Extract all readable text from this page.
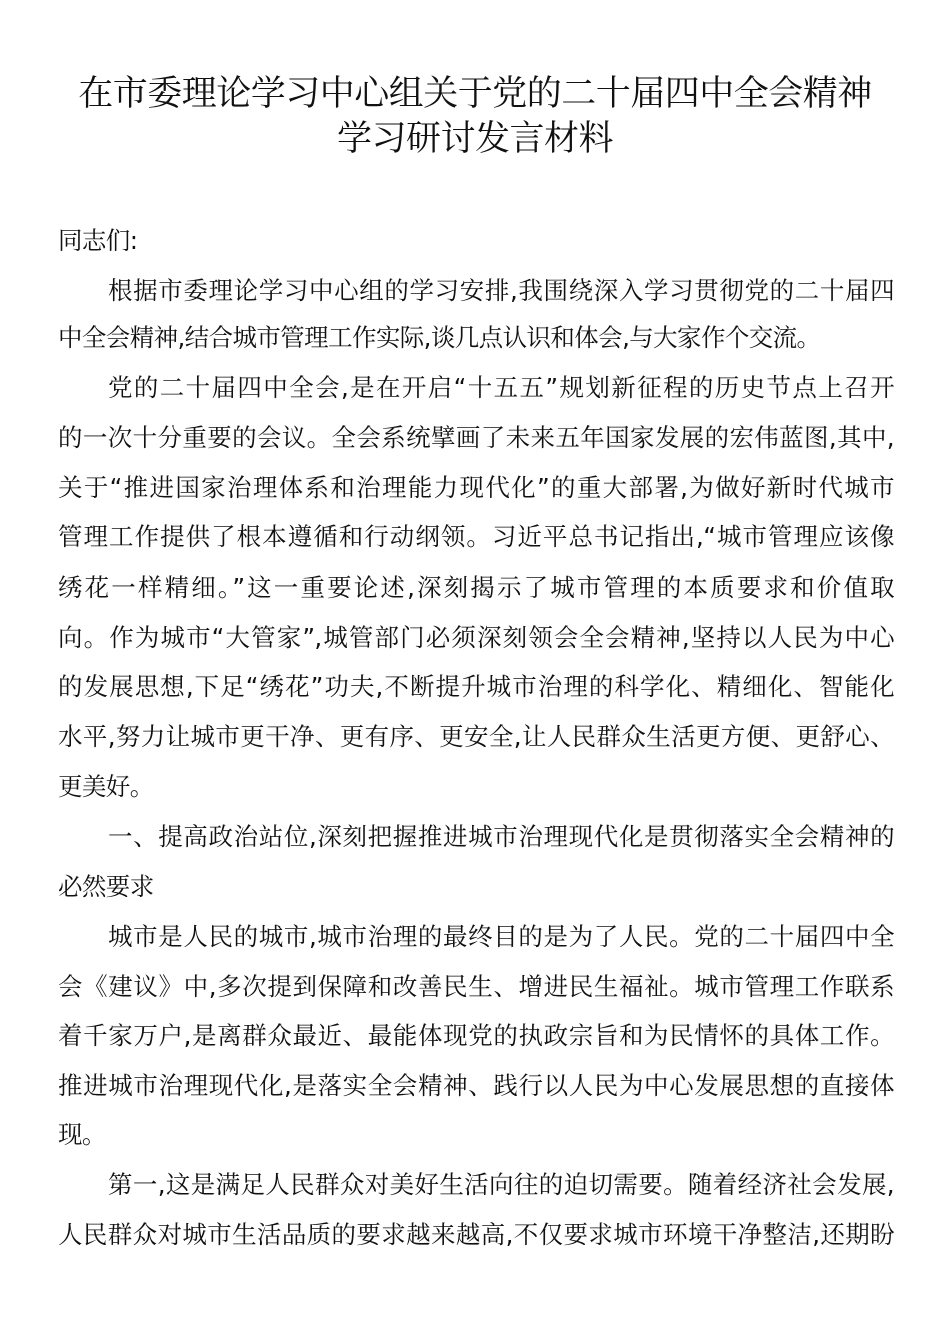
在市委理论学习中心组关于党的二十届四中全会精神
学习研讨发言材料
同志们:
根据市委理论学习中心组的学习安排,我围绕深入学习贯彻党的二十届四
中全会精神,结合城市管理工作实际,谈几点认识和体会,与大家作个交流。
党的二十届四中全会,是在开启“十五五”规划新征程的历史节点上召开
的一次十分重要的会议。全会系统擘画了未来五年国家发展的宏伟蓝图,其中,
关于“推进国家治理体系和治理能力现代化”的重大部署,为做好新时代城市
管理工作提供了根本遵循和行动纲领。习近平总书记指出,“城市管理应该像
绣花一样精细。”这一重要论述,深刻揭示了城市管理的本质要求和价值取
向。作为城市“大管家”,城管部门必须深刻领会全会精神,坚持以人民为中心
的发展思想,下足“绣花”功夫,不断提升城市治理的科学化、精细化、智能化
水平,努力让城市更干净、更有序、更安全,让人民群众生活更方便、更舒心、
更美好。
一、提高政治站位,深刻把握推进城市治理现代化是贯彻落实全会精神的
必然要求
城市是人民的城市,城市治理的最终目的是为了人民。党的二十届四中全
会《建议》中,多次提到保障和改善民生、增进民生福祉。城市管理工作联系
着千家万户,是离群众最近、最能体现党的执政宗旨和为民情怀的具体工作。
推进城市治理现代化,是落实全会精神、践行以人民为中心发展思想的直接体
现。
第一,这是满足人民群众对美好生活向往的迫切需要。随着经济社会发展,
人民群众对城市生活品质的要求越来越高,不仅要求城市环境干净整洁,还期盼
